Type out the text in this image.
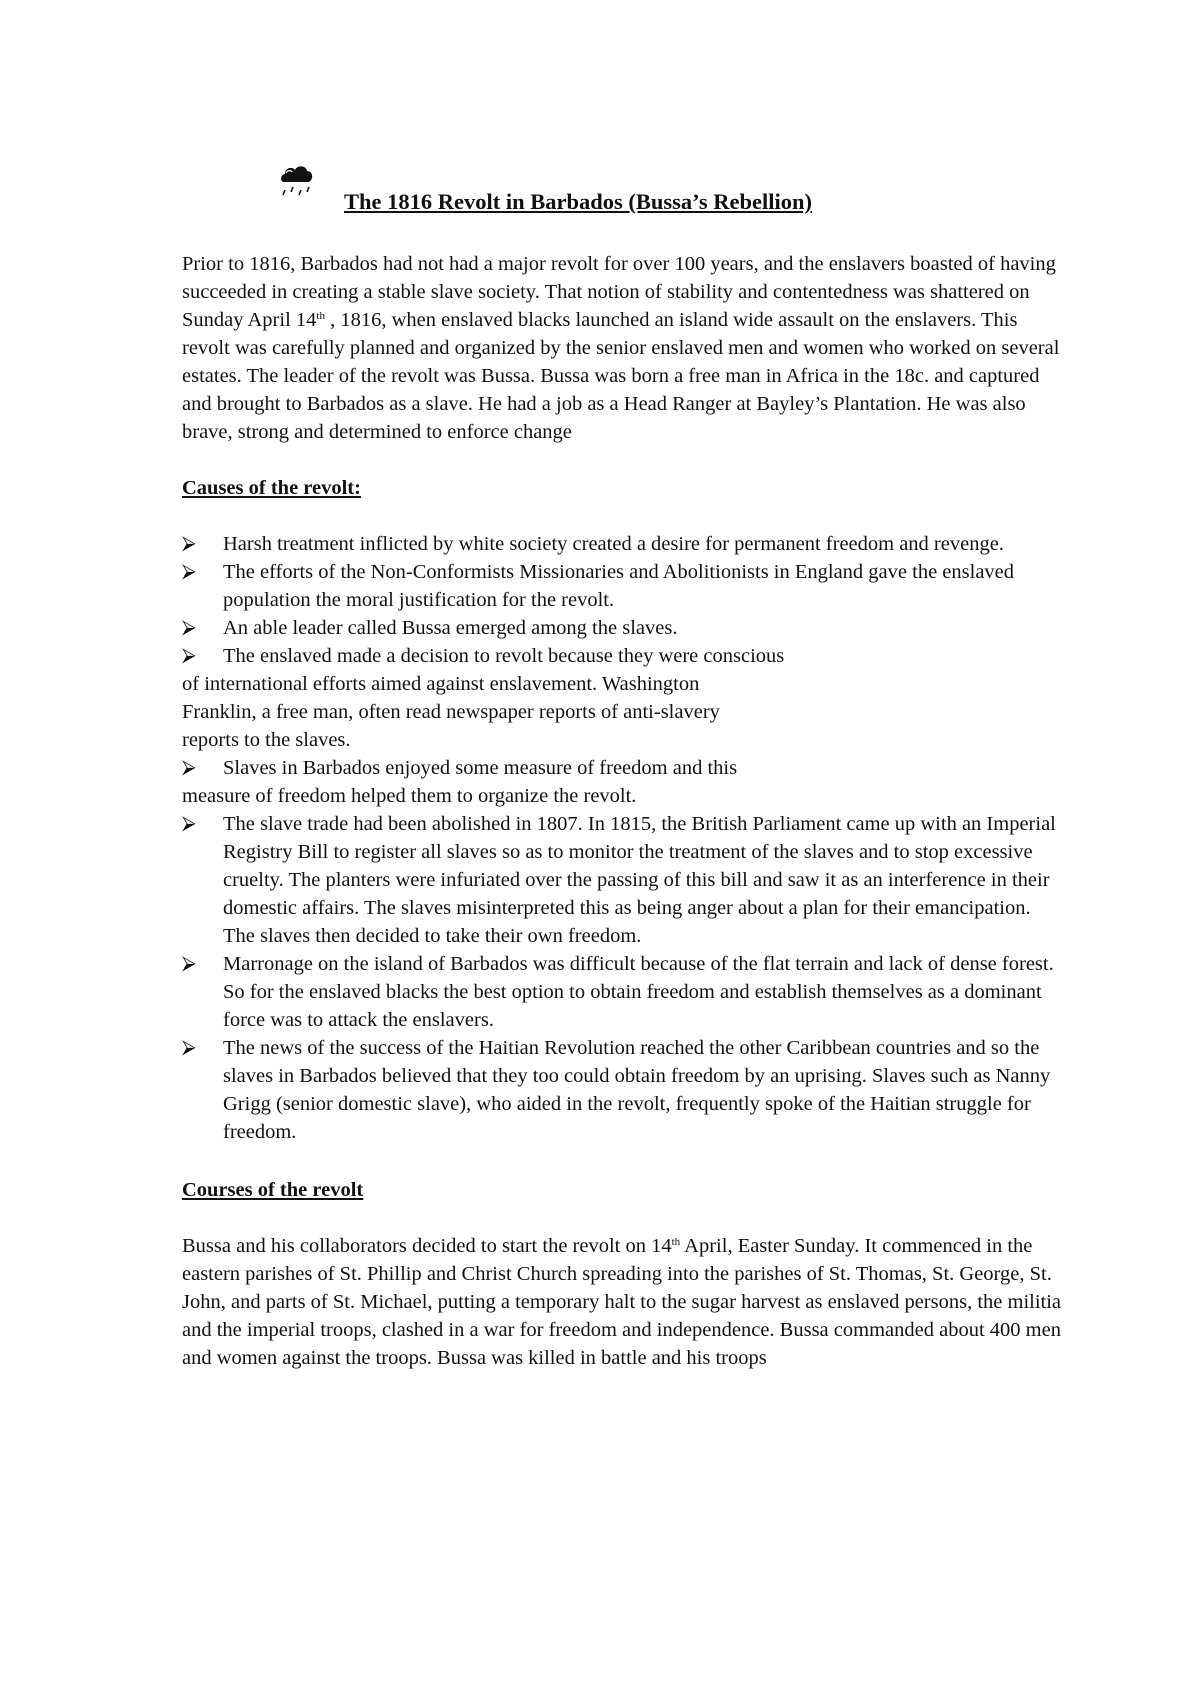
The 1816 Revolt in Barbados (Bussa’s Rebellion)

Prior to 1816, Barbados had not had a major revolt for over 100 years, and the enslavers boasted of having succeeded in creating a stable slave society. That notion of stability and contentedness was shattered on Sunday April 14th , 1816, when enslaved blacks launched an island wide assault on the enslavers. This revolt was carefully planned and organized by the senior enslaved men and women who worked on several estates. The leader of the revolt was Bussa. Bussa was born a free man in Africa in the 18c. and captured and brought to Barbados as a slave. He had a job as a Head Ranger at Bayley’s Plantation. He was also brave, strong and determined to enforce change

Causes of the revolt:

⮚ Harsh treatment inflicted by white society created a desire for permanent freedom and revenge.
⮚ The efforts of the Non-Conformists Missionaries and Abolitionists in England gave the enslaved population the moral justification for the revolt.
⮚ An able leader called Bussa emerged among the slaves.
⮚ The enslaved made a decision to revolt because they were conscious
of international efforts aimed against enslavement. Washington
Franklin, a free man, often read newspaper reports of anti-slavery
reports to the slaves.
⮚ Slaves in Barbados enjoyed some measure of freedom and this
measure of freedom helped them to organize the revolt.
⮚ The slave trade had been abolished in 1807. In 1815, the British Parliament came up with an Imperial Registry Bill to register all slaves so as to monitor the treatment of the slaves and to stop excessive cruelty. The planters were infuriated over the passing of this bill and saw it as an interference in their domestic affairs. The slaves misinterpreted this as being anger about a plan for their emancipation. The slaves then decided to take their own freedom.
⮚ Marronage on the island of Barbados was difficult because of the flat terrain and lack of dense forest. So for the enslaved blacks the best option to obtain freedom and establish themselves as a dominant force was to attack the enslavers.
⮚ The news of the success of the Haitian Revolution reached the other Caribbean countries and so the slaves in Barbados believed that they too could obtain freedom by an uprising. Slaves such as Nanny Grigg (senior domestic slave), who aided in the revolt, frequently spoke of the Haitian struggle for freedom.

Courses of the revolt

Bussa and his collaborators decided to start the revolt on 14th April, Easter Sunday. It commenced in the eastern parishes of St. Phillip and Christ Church spreading into the parishes of St. Thomas, St. George, St. John, and parts of St. Michael, putting a temporary halt to the sugar harvest as enslaved persons, the militia and the imperial troops, clashed in a war for freedom and independence. Bussa commanded about 400 men and women against the troops. Bussa was killed in battle and his troops
